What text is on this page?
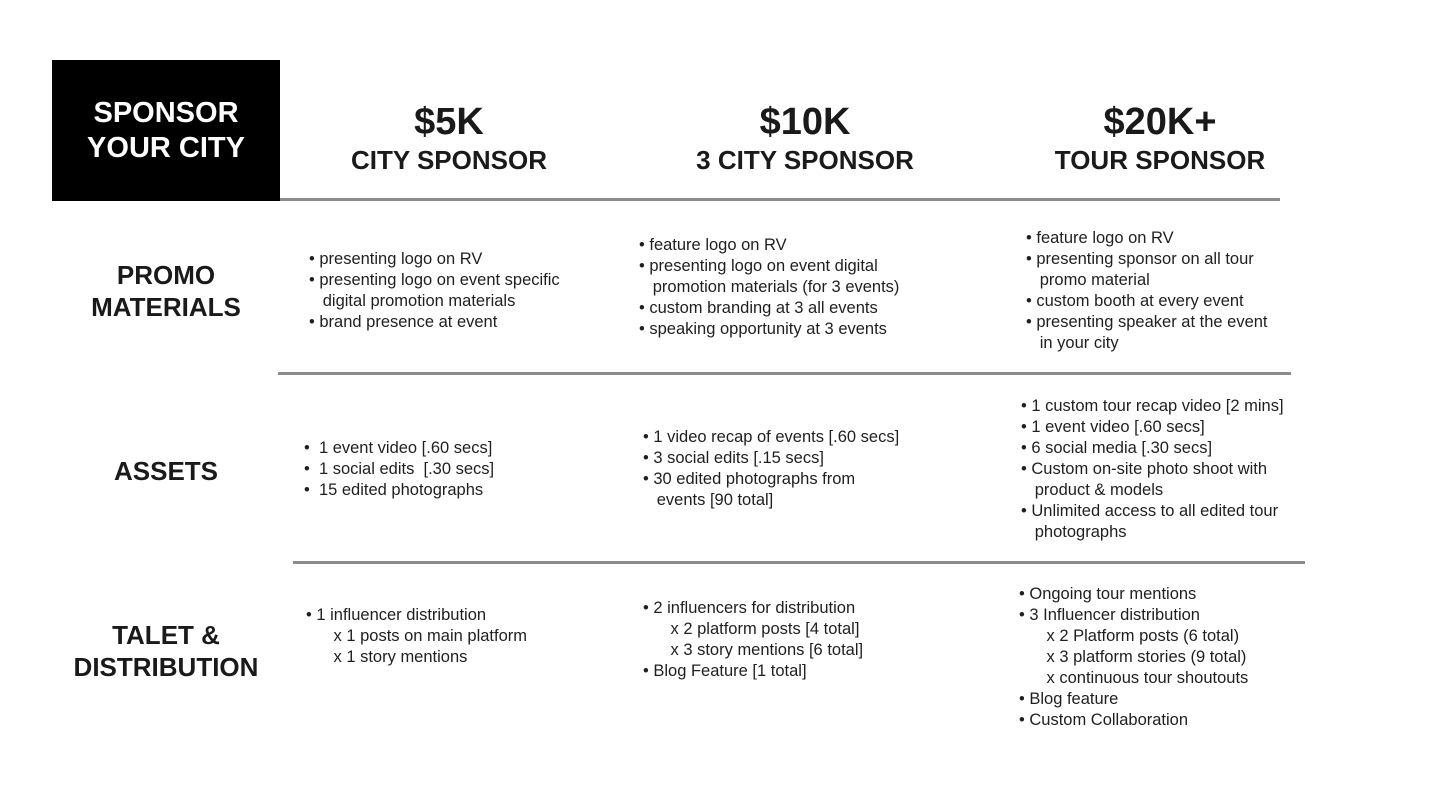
SPONSOR
YOUR CITY
$5K
CITY SPONSOR
$10K
3 CITY SPONSOR
$20K+
TOUR SPONSOR
PROMO
MATERIALS
• presenting logo on RV
• presenting logo on event specific
digital promotion materials
• brand presence at event
• feature logo on RV
• presenting logo on event digital
promotion materials (for 3 events)
• custom branding at 3 all events
• speaking opportunity at 3 events
• feature logo on RV
• presenting sponsor on all tour
promo material
• custom booth at every event
• presenting speaker at the event
in your city
ASSETS
•  1 event video [.60 secs]
•  1 social edits  [.30 secs]
•  15 edited photographs
• 1 video recap of events [.60 secs]
• 3 social edits [.15 secs]
• 30 edited photographs from
events [90 total]
• 1 custom tour recap video [2 mins]
• 1 event video [.60 secs]
• 6 social media [.30 secs]
• Custom on-site photo shoot with
product & models
• Unlimited access to all edited tour
photographs
TALET &
DISTRIBUTION
• 1 influencer distribution
x 1 posts on main platform
x 1 story mentions
• 2 influencers for distribution
x 2 platform posts [4 total]
x 3 story mentions [6 total]
• Blog Feature [1 total]
• Ongoing tour mentions
• 3 Influencer distribution
x 2 Platform posts (6 total)
x 3 platform stories (9 total)
x continuous tour shoutouts
• Blog feature
• Custom Collaboration
